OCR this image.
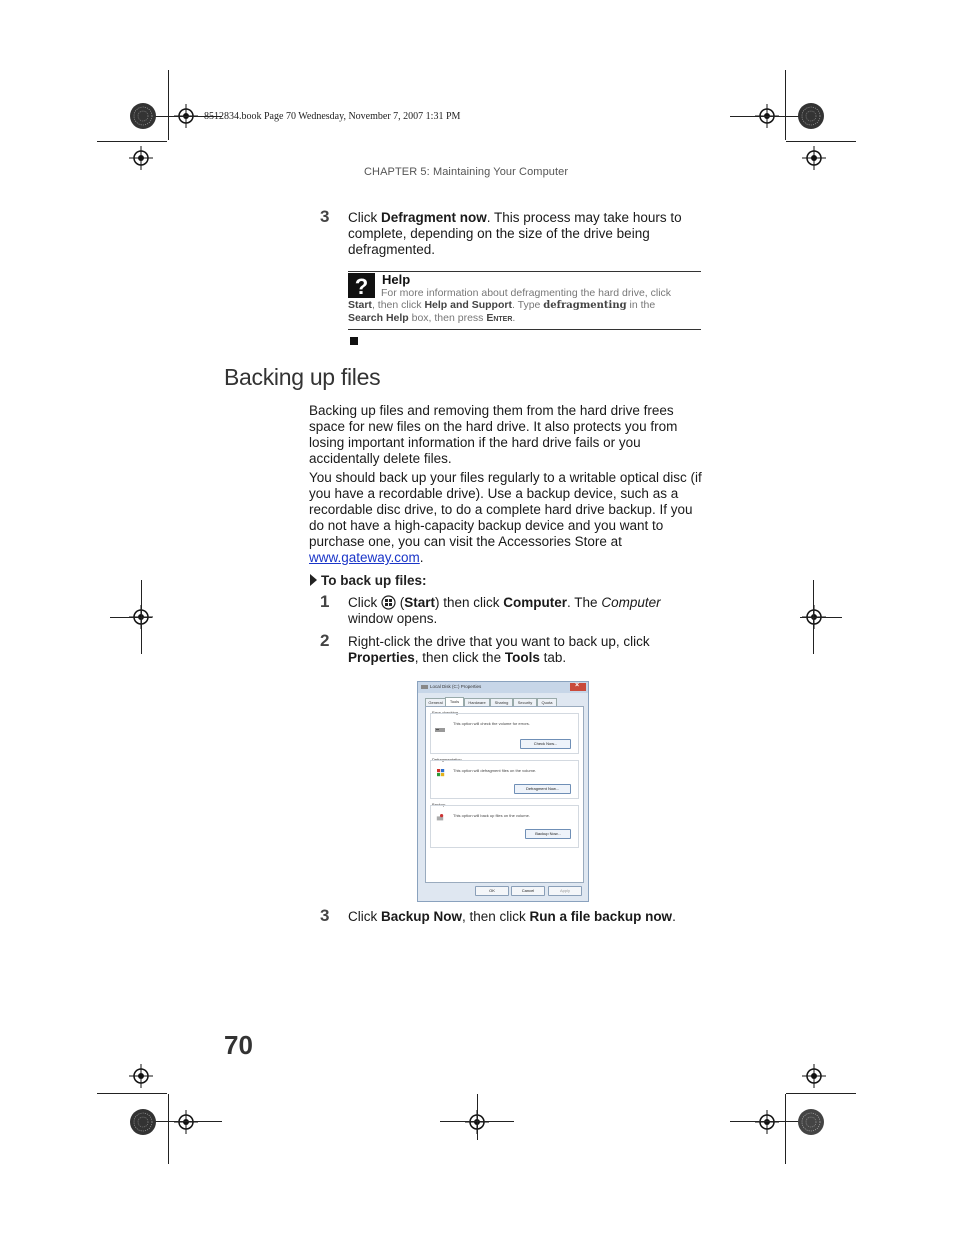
8512834.book Page 70 Wednesday, November 7, 2007 1:31 PM
CHAPTER 5: Maintaining Your Computer
3 Click Defragment now. This process may take hours to complete, depending on the size of the drive being defragmented.
? Help
For more information about defragmenting the hard drive, click
Start, then click Help and Support. Type defragmenting in the
Search Help box, then press Enter.
Backing up files
Backing up files and removing them from the hard drive frees space for new files on the hard drive. It also protects you from losing important information if the hard drive fails or you accidentally delete files.
You should back up your files regularly to a writable optical disc (if you have a recordable drive). Use a backup device, such as a recordable disc drive, to do a complete hard drive backup. If you do not have a high-capacity backup device and you want to purchase one, you can visit the Accessories Store at www.gateway.com.
To back up files:
1 Click  (Start) then click Computer. The Computer window opens.
2 Right-click the drive that you want to back up, click Properties, then click the Tools tab.
Local Disk (C:) Properties	×
General	Tools	Hardware	Sharing	Security	Quota
Error-checking
This option will check the volume for errors.
Check Now...
Defragmentation
This option will defragment files on the volume.
Defragment Now...
Backup
This option will back up files on the volume.
Backup Now...
OK	Cancel	Apply
3 Click Backup Now, then click Run a file backup now.
70
